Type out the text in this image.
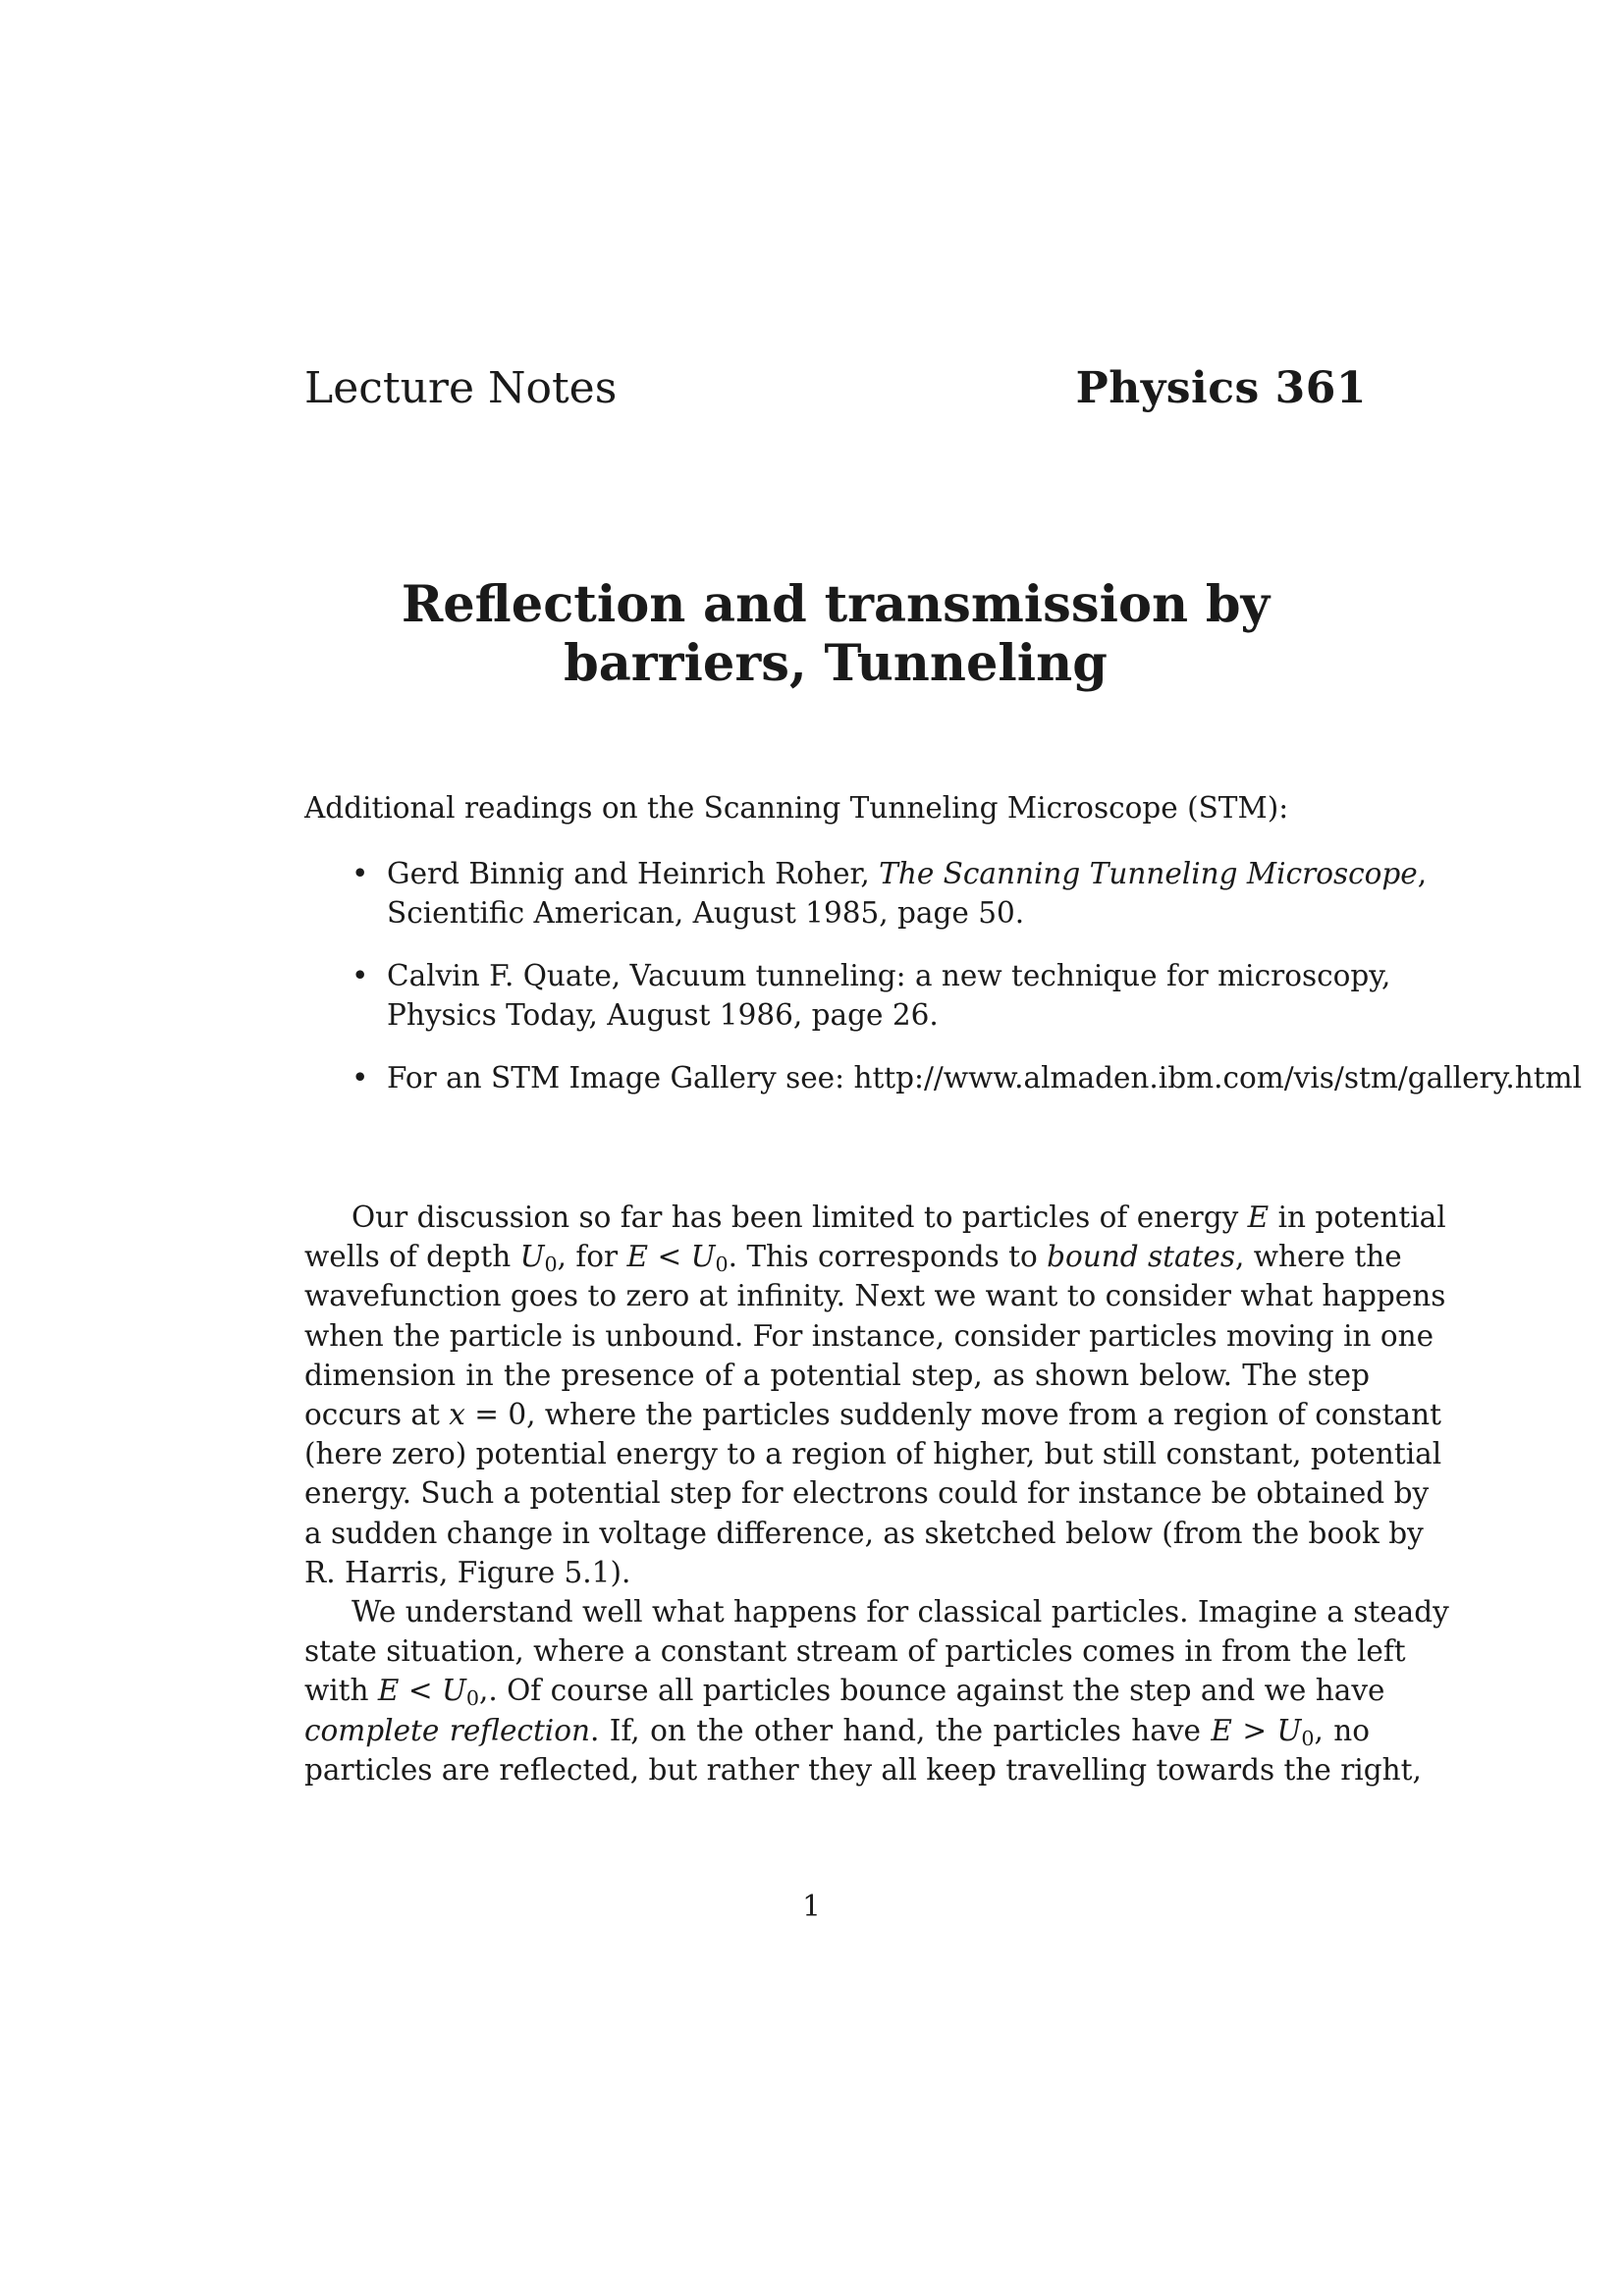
Lecture Notes	Physics 361
Reflection and transmission by
barriers, Tunneling
Additional readings on the Scanning Tunneling Microscope (STM):
• Gerd Binnig and Heinrich Roher, The Scanning Tunneling Microscope,
Scientific American, August 1985, page 50.
• Calvin F. Quate, Vacuum tunneling: a new technique for microscopy,
Physics Today, August 1986, page 26.
• For an STM Image Gallery see: http://www.almaden.ibm.com/vis/stm/gallery.html
Our discussion so far has been limited to particles of energy E in potential
wells of depth $U_0$, for $E < U_0$. This corresponds to bound states, where the
wavefunction goes to zero at infinity. Next we want to consider what happens
when the particle is unbound. For instance, consider particles moving in one
dimension in the presence of a potential step, as shown below. The step
occurs at x = 0, where the particles suddenly move from a region of constant
(here zero) potential energy to a region of higher, but still constant, potential
energy. Such a potential step for electrons could for instance be obtained by
a sudden change in voltage difference, as sketched below (from the book by
R. Harris, Figure 5.1).
We understand well what happens for classical particles. Imagine a steady
state situation, where a constant stream of particles comes in from the left
with $E < U_0$,. Of course all particles bounce against the step and we have
complete reflection. If, on the other hand, the particles have $E > U_0$, no
particles are reflected, but rather they all keep travelling towards the right,
1
